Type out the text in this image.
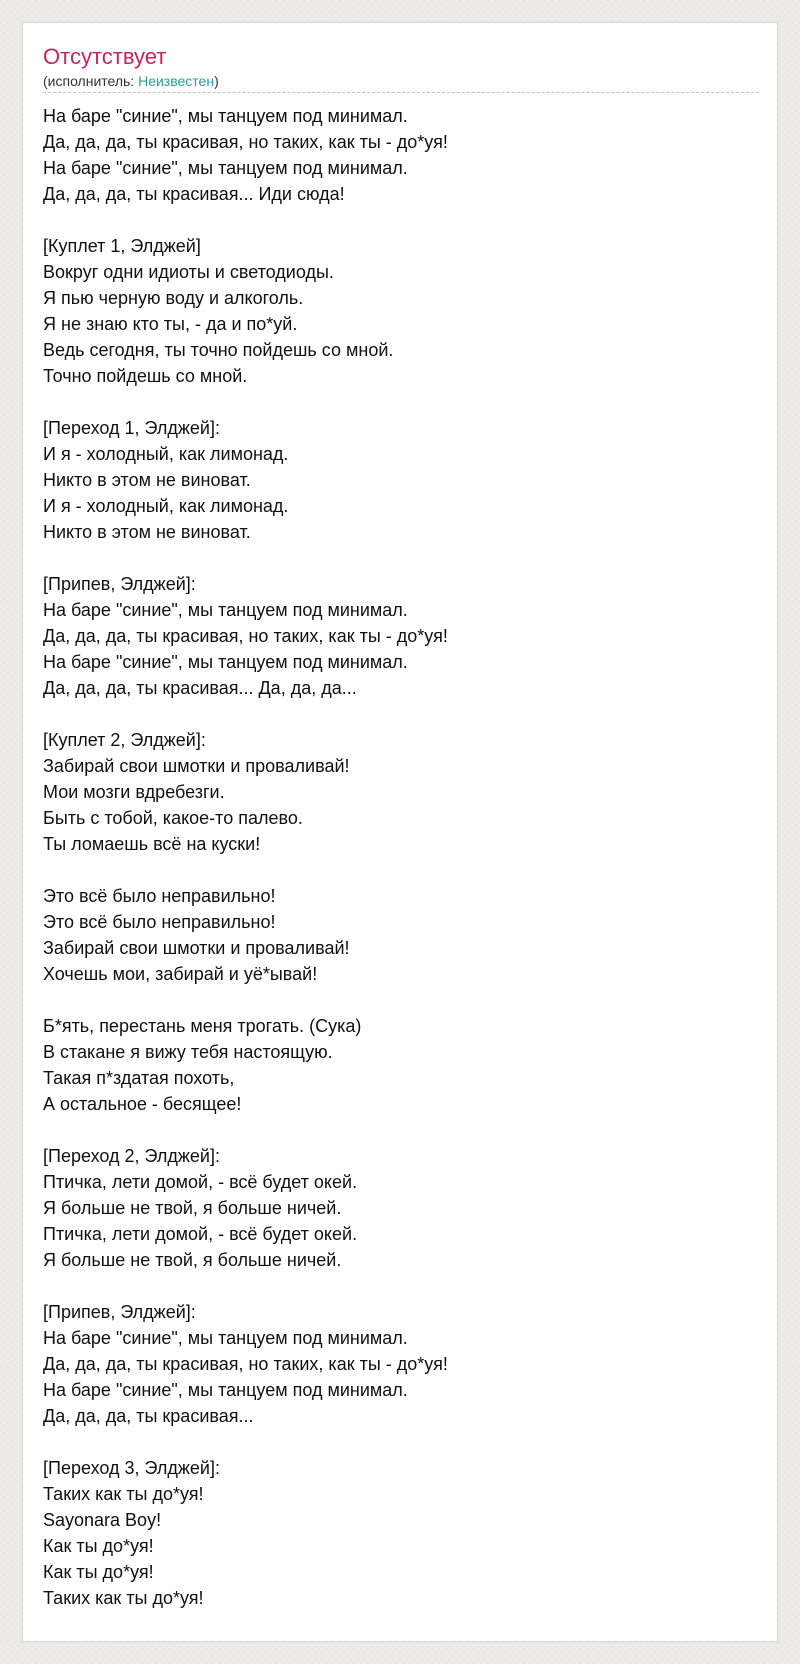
Отсутствует
(исполнитель: Неизвестен)
На баре "синие", мы танцуем под минимал.
Да, да, да, ты красивая, но таких, как ты - до*уя!
На баре "синие", мы танцуем под минимал.
Да, да, да, ты красивая... Иди сюда!
[Куплет 1, Элджей]
Вокруг одни идиоты и светодиоды.
Я пью черную воду и алкоголь.
Я не знаю кто ты, - да и по*уй.
Ведь сегодня, ты точно пойдешь со мной.
Точно пойдешь со мной.
[Переход 1, Элджей]:
И я - холодный, как лимонад.
Никто в этом не виноват.
И я - холодный, как лимонад.
Никто в этом не виноват.
[Припев, Элджей]:
На баре "синие", мы танцуем под минимал.
Да, да, да, ты красивая, но таких, как ты - до*уя!
На баре "синие", мы танцуем под минимал.
Да, да, да, ты красивая... Да, да, да...
[Куплет 2, Элджей]:
Забирай свои шмотки и проваливай!
Мои мозги вдребезги.
Быть с тобой, какое-то палево.
Ты ломаешь всё на куски!
Это всё было неправильно!
Это всё было неправильно!
Забирай свои шмотки и проваливай!
Хочешь мои, забирай и уё*ывай!
Б*ять, перестань меня трогать. (Сука)
В стакане я вижу тебя настоящую.
Такая п*здатая похоть,
А остальное - бесящее!
[Переход 2, Элджей]:
Птичка, лети домой, - всё будет окей.
Я больше не твой, я больше ничей.
Птичка, лети домой, - всё будет окей.
Я больше не твой, я больше ничей.
[Припев, Элджей]:
На баре "синие", мы танцуем под минимал.
Да, да, да, ты красивая, но таких, как ты - до*уя!
На баре "синие", мы танцуем под минимал.
Да, да, да, ты красивая...
[Переход 3, Элджей]:
Таких как ты до*уя!
Sayonara Boy!
Как ты до*уя!
Как ты до*уя!
Таких как ты до*уя!
